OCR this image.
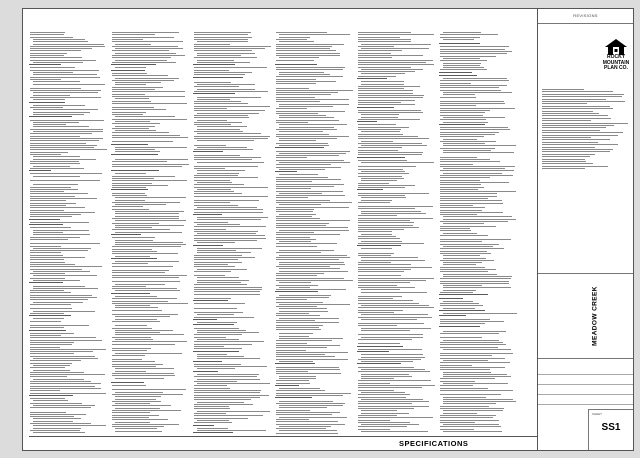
SPECIFICATIONS
REVISIONS
ROCKY MOUNTAIN PLAN CO.
MEADOW CREEK
SHEET
SS1
